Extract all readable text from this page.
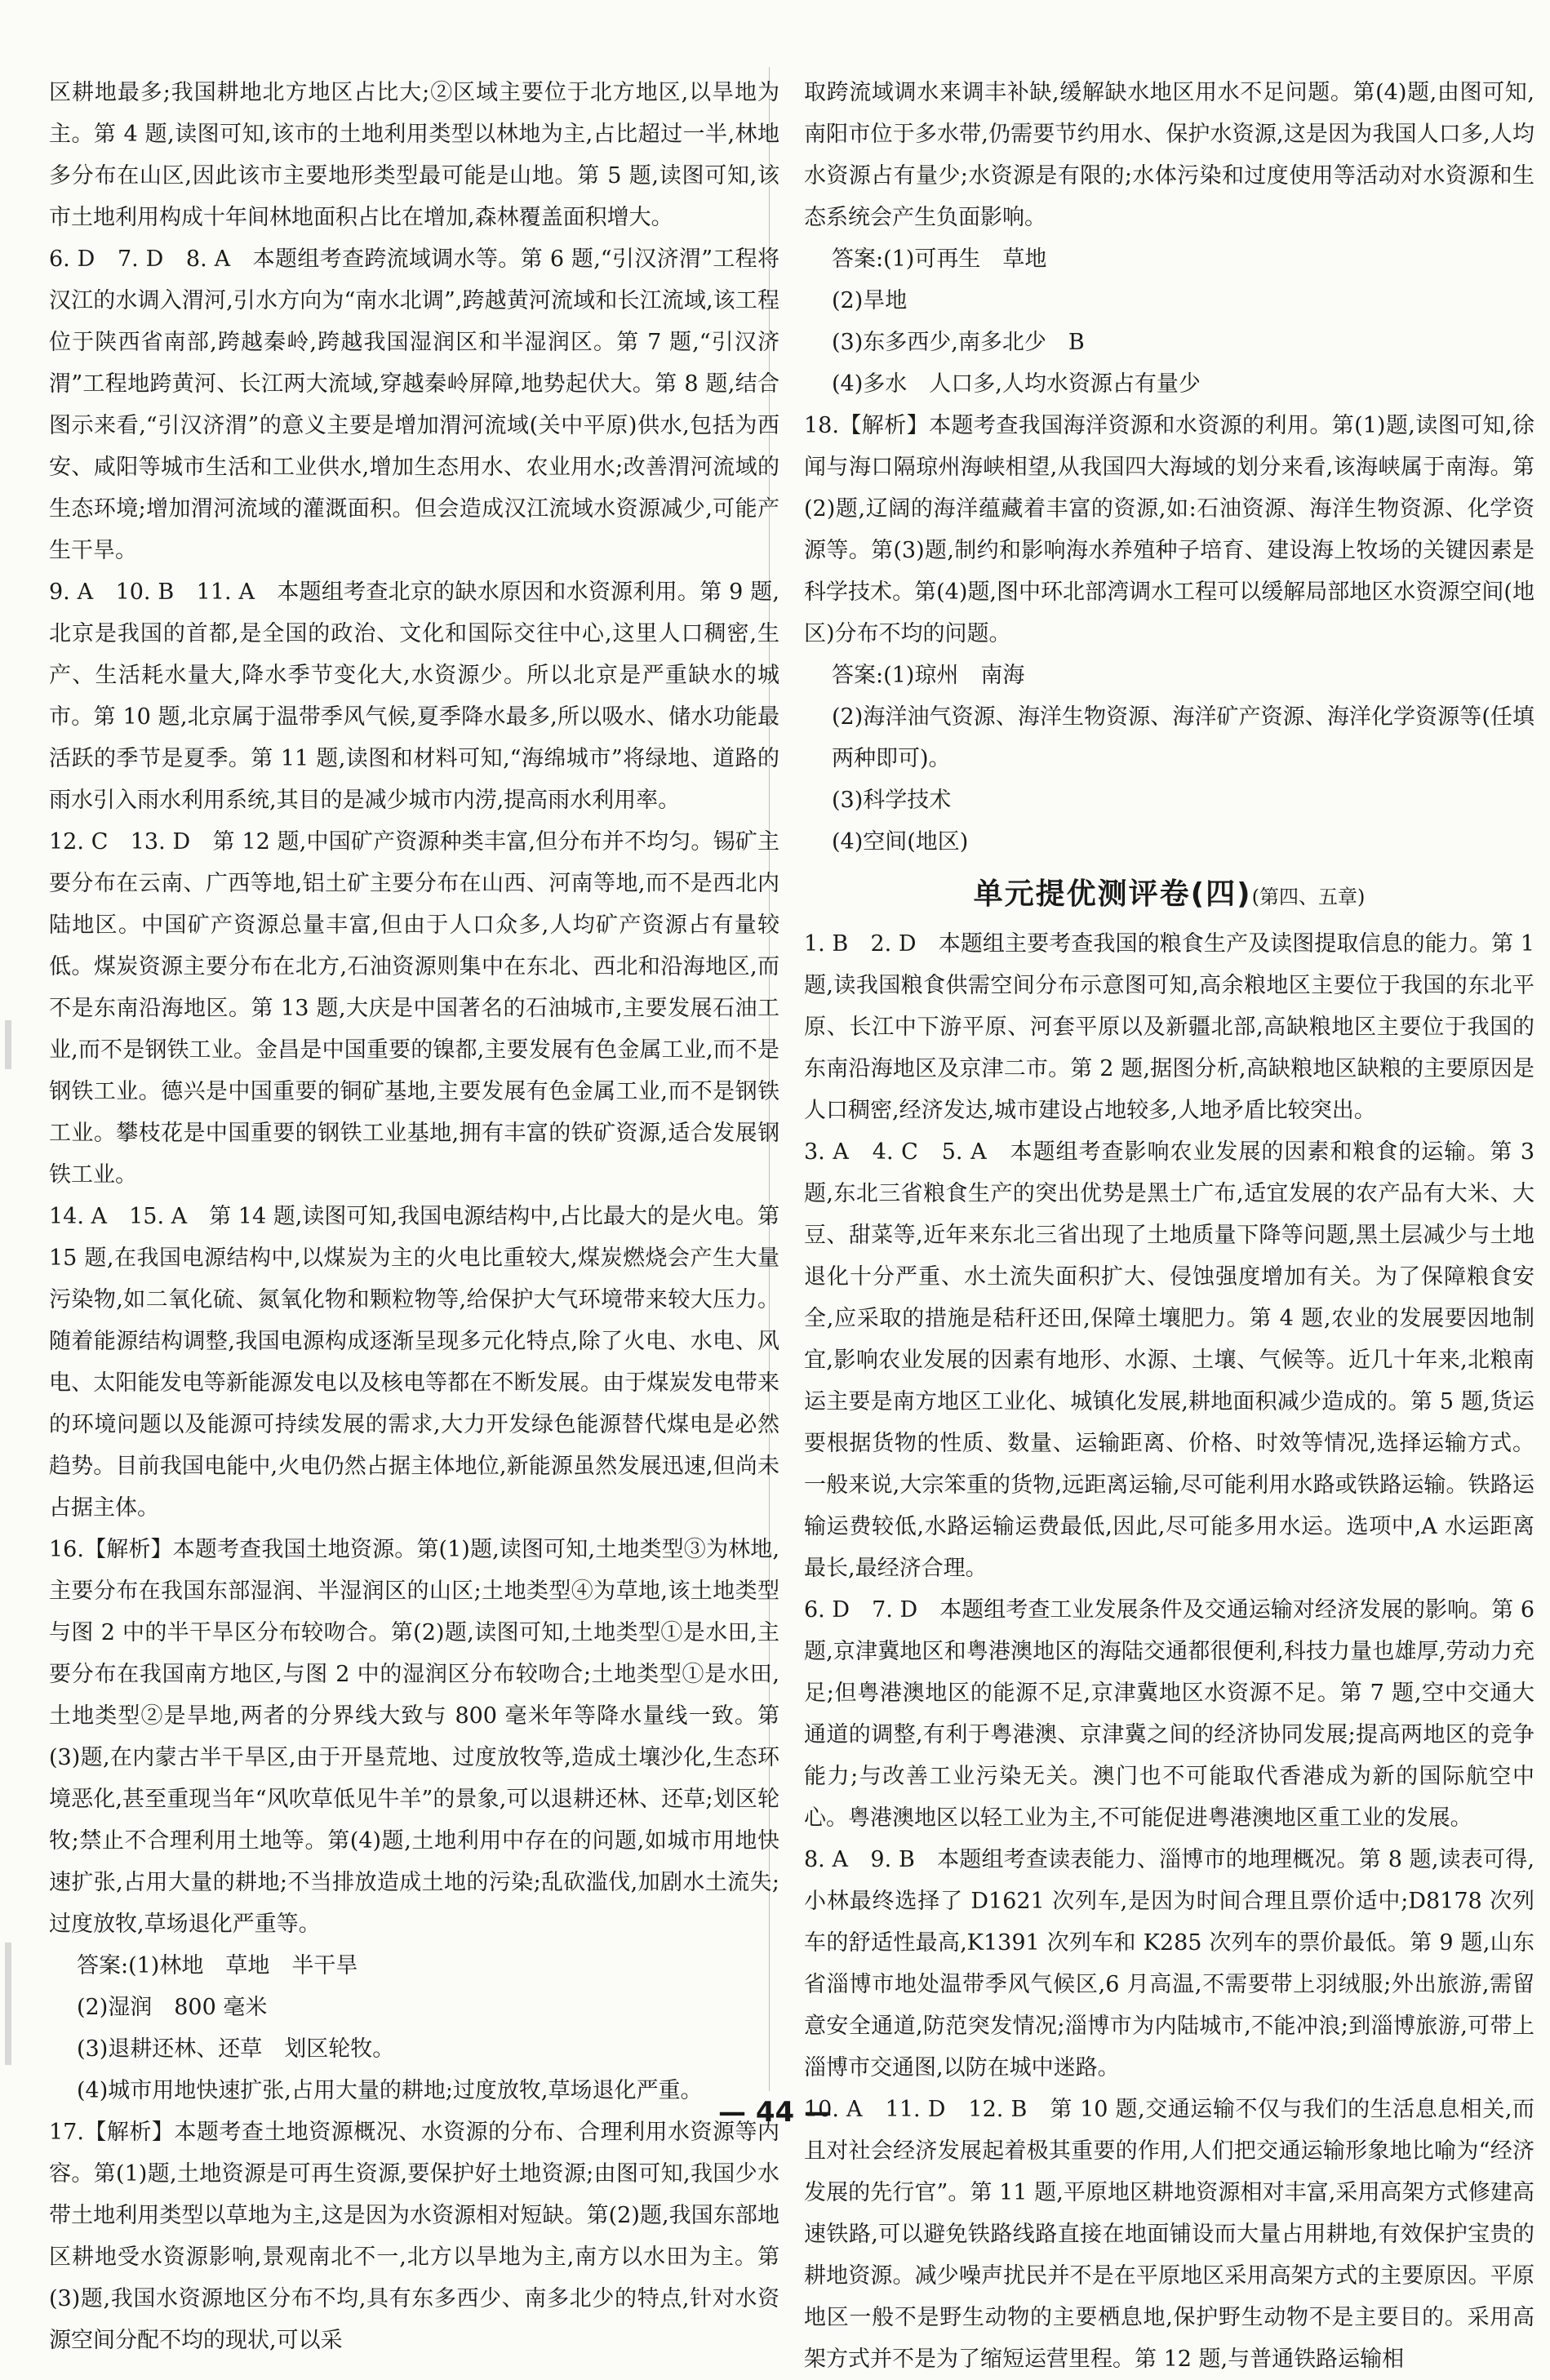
区耕地最多;我国耕地北方地区占比大;②区域主要位于北方地区,以旱地为主。第 4 题,读图可知,该市的土地利用类型以林地为主,占比超过一半,林地多分布在山区,因此该市主要地形类型最可能是山地。第 5 题,读图可知,该市土地利用构成十年间林地面积占比在增加,森林覆盖面积增大。

6. D　7. D　8. A　本题组考查跨流域调水等。第 6 题,“引汉济渭”工程将汉江的水调入渭河,引水方向为“南水北调”,跨越黄河流域和长江流域,该工程位于陕西省南部,跨越秦岭,跨越我国湿润区和半湿润区。第 7 题,“引汉济渭”工程地跨黄河、长江两大流域,穿越秦岭屏障,地势起伏大。第 8 题,结合图示来看,“引汉济渭”的意义主要是增加渭河流域(关中平原)供水,包括为西安、咸阳等城市生活和工业供水,增加生态用水、农业用水;改善渭河流域的生态环境;增加渭河流域的灌溉面积。但会造成汉江流域水资源减少,可能产生干旱。

9. A　10. B　11. A　本题组考查北京的缺水原因和水资源利用。第 9 题,北京是我国的首都,是全国的政治、文化和国际交往中心,这里人口稠密,生产、生活耗水量大,降水季节变化大,水资源少。所以北京是严重缺水的城市。第 10 题,北京属于温带季风气候,夏季降水最多,所以吸水、储水功能最活跃的季节是夏季。第 11 题,读图和材料可知,“海绵城市”将绿地、道路的雨水引入雨水利用系统,其目的是减少城市内涝,提高雨水利用率。

12. C　13. D　第 12 题,中国矿产资源种类丰富,但分布并不均匀。锡矿主要分布在云南、广西等地,铝土矿主要分布在山西、河南等地,而不是西北内陆地区。中国矿产资源总量丰富,但由于人口众多,人均矿产资源占有量较低。煤炭资源主要分布在北方,石油资源则集中在东北、西北和沿海地区,而不是东南沿海地区。第 13 题,大庆是中国著名的石油城市,主要发展石油工业,而不是钢铁工业。金昌是中国重要的镍都,主要发展有色金属工业,而不是钢铁工业。德兴是中国重要的铜矿基地,主要发展有色金属工业,而不是钢铁工业。攀枝花是中国重要的钢铁工业基地,拥有丰富的铁矿资源,适合发展钢铁工业。

14. A　15. A　第 14 题,读图可知,我国电源结构中,占比最大的是火电。第 15 题,在我国电源结构中,以煤炭为主的火电比重较大,煤炭燃烧会产生大量污染物,如二氧化硫、氮氧化物和颗粒物等,给保护大气环境带来较大压力。随着能源结构调整,我国电源构成逐渐呈现多元化特点,除了火电、水电、风电、太阳能发电等新能源发电以及核电等都在不断发展。由于煤炭发电带来的环境问题以及能源可持续发展的需求,大力开发绿色能源替代煤电是必然趋势。目前我国电能中,火电仍然占据主体地位,新能源虽然发展迅速,但尚未占据主体。

16.【解析】本题考查我国土地资源。第(1)题,读图可知,土地类型③为林地,主要分布在我国东部湿润、半湿润区的山区;土地类型④为草地,该土地类型与图 2 中的半干旱区分布较吻合。第(2)题,读图可知,土地类型①是水田,主要分布在我国南方地区,与图 2 中的湿润区分布较吻合;土地类型①是水田,土地类型②是旱地,两者的分界线大致与 800 毫米年等降水量线一致。第(3)题,在内蒙古半干旱区,由于开垦荒地、过度放牧等,造成土壤沙化,生态环境恶化,甚至重现当年“风吹草低见牛羊”的景象,可以退耕还林、还草;划区轮牧;禁止不合理利用土地等。第(4)题,土地利用中存在的问题,如城市用地快速扩张,占用大量的耕地;不当排放造成土地的污染;乱砍滥伐,加剧水土流失;过度放牧,草场退化严重等。

答案:(1)林地　草地　半干旱

(2)湿润　800 毫米

(3)退耕还林、还草　划区轮牧。

(4)城市用地快速扩张,占用大量的耕地;过度放牧,草场退化严重。

17.【解析】本题考查土地资源概况、水资源的分布、合理利用水资源等内容。第(1)题,土地资源是可再生资源,要保护好土地资源;由图可知,我国少水带土地利用类型以草地为主,这是因为水资源相对短缺。第(2)题,我国东部地区耕地受水资源影响,景观南北不一,北方以旱地为主,南方以水田为主。第(3)题,我国水资源地区分布不均,具有东多西少、南多北少的特点,针对水资源空间分配不均的现状,可以采

取跨流域调水来调丰补缺,缓解缺水地区用水不足问题。第(4)题,由图可知,南阳市位于多水带,仍需要节约用水、保护水资源,这是因为我国人口多,人均水资源占有量少;水资源是有限的;水体污染和过度使用等活动对水资源和生态系统会产生负面影响。

答案:(1)可再生　草地

(2)旱地

(3)东多西少,南多北少　B

(4)多水　人口多,人均水资源占有量少

18.【解析】本题考查我国海洋资源和水资源的利用。第(1)题,读图可知,徐闻与海口隔琼州海峡相望,从我国四大海域的划分来看,该海峡属于南海。第(2)题,辽阔的海洋蕴藏着丰富的资源,如:石油资源、海洋生物资源、化学资源等。第(3)题,制约和影响海水养殖种子培育、建设海上牧场的关键因素是科学技术。第(4)题,图中环北部湾调水工程可以缓解局部地区水资源空间(地区)分布不均的问题。

答案:(1)琼州　南海

(2)海洋油气资源、海洋生物资源、海洋矿产资源、海洋化学资源等(任填两种即可)。

(3)科学技术

(4)空间(地区)

单元提优测评卷(四)(第四、五章)

1. B　2. D　本题组主要考查我国的粮食生产及读图提取信息的能力。第 1 题,读我国粮食供需空间分布示意图可知,高余粮地区主要位于我国的东北平原、长江中下游平原、河套平原以及新疆北部,高缺粮地区主要位于我国的东南沿海地区及京津二市。第 2 题,据图分析,高缺粮地区缺粮的主要原因是人口稠密,经济发达,城市建设占地较多,人地矛盾比较突出。

3. A　4. C　5. A　本题组考查影响农业发展的因素和粮食的运输。第 3 题,东北三省粮食生产的突出优势是黑土广布,适宜发展的农产品有大米、大豆、甜菜等,近年来东北三省出现了土地质量下降等问题,黑土层减少与土地退化十分严重、水土流失面积扩大、侵蚀强度增加有关。为了保障粮食安全,应采取的措施是秸秆还田,保障土壤肥力。第 4 题,农业的发展要因地制宜,影响农业发展的因素有地形、水源、土壤、气候等。近几十年来,北粮南运主要是南方地区工业化、城镇化发展,耕地面积减少造成的。第 5 题,货运要根据货物的性质、数量、运输距离、价格、时效等情况,选择运输方式。一般来说,大宗笨重的货物,远距离运输,尽可能利用水路或铁路运输。铁路运输运费较低,水路运输运费最低,因此,尽可能多用水运。选项中,A 水运距离最长,最经济合理。

6. D　7. D　本题组考查工业发展条件及交通运输对经济发展的影响。第 6 题,京津冀地区和粤港澳地区的海陆交通都很便利,科技力量也雄厚,劳动力充足;但粤港澳地区的能源不足,京津冀地区水资源不足。第 7 题,空中交通大通道的调整,有利于粤港澳、京津冀之间的经济协同发展;提高两地区的竞争能力;与改善工业污染无关。澳门也不可能取代香港成为新的国际航空中心。粤港澳地区以轻工业为主,不可能促进粤港澳地区重工业的发展。

8. A　9. B　本题组考查读表能力、淄博市的地理概况。第 8 题,读表可得,小林最终选择了 D1621 次列车,是因为时间合理且票价适中;D8178 次列车的舒适性最高,K1391 次列车和 K285 次列车的票价最低。第 9 题,山东省淄博市地处温带季风气候区,6 月高温,不需要带上羽绒服;外出旅游,需留意安全通道,防范突发情况;淄博市为内陆城市,不能冲浪;到淄博旅游,可带上淄博市交通图,以防在城中迷路。

10. A　11. D　12. B　第 10 题,交通运输不仅与我们的生活息息相关,而且对社会经济发展起着极其重要的作用,人们把交通运输形象地比喻为“经济发展的先行官”。第 11 题,平原地区耕地资源相对丰富,采用高架方式修建高速铁路,可以避免铁路线路直接在地面铺设而大量占用耕地,有效保护宝贵的耕地资源。减少噪声扰民并不是在平原地区采用高架方式的主要原因。平原地区一般不是野生动物的主要栖息地,保护野生动物不是主要目的。采用高架方式并不是为了缩短运营里程。第 12 题,与普通铁路运输相

— 44 —
